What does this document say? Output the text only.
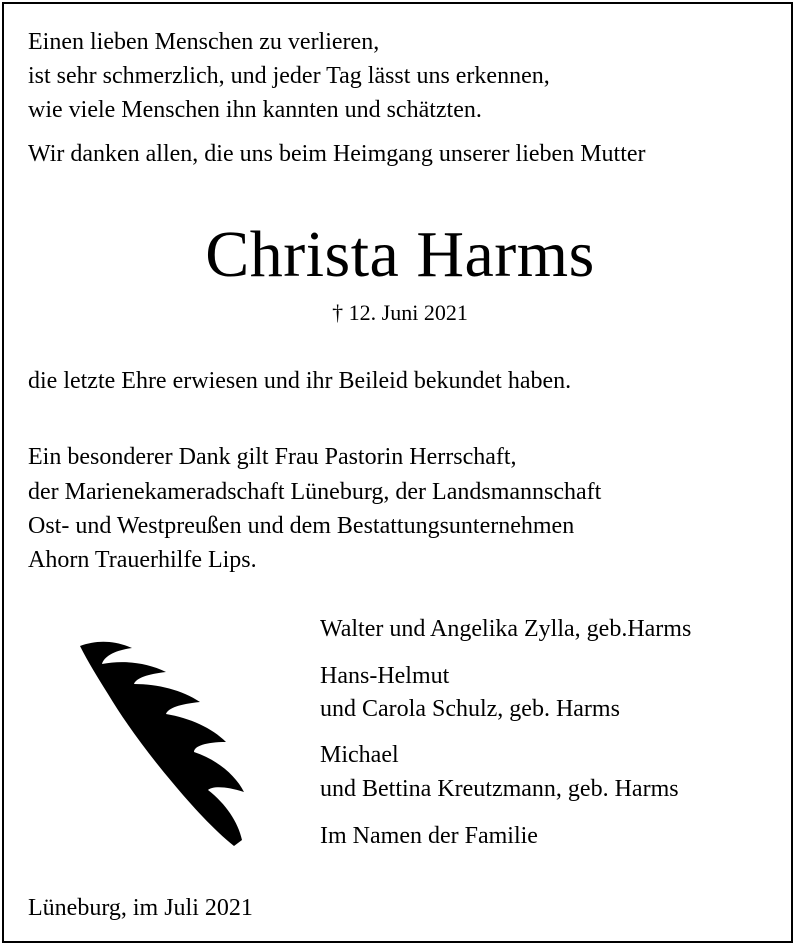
Einen lieben Menschen zu verlieren,
ist sehr schmerzlich, und jeder Tag lässt uns erkennen,
wie viele Menschen ihn kannten und schätzten.
Wir danken allen, die uns beim Heimgang unserer lieben Mutter
Christa Harms
† 12. Juni 2021
die letzte Ehre erwiesen und ihr Beileid bekundet haben.
Ein besonderer Dank gilt Frau Pastorin Herrschaft,
der Marienekameradschaft Lüneburg, der Landsmannschaft
Ost- und Westpreußen und dem Bestattungsunternehmen
Ahorn Trauerhilfe Lips.
Walter und Angelika Zylla, geb.Harms
Hans-Helmut
und Carola Schulz, geb. Harms
Michael
und Bettina Kreutzmann, geb. Harms
Im Namen der Familie
Lüneburg, im Juli 2021
